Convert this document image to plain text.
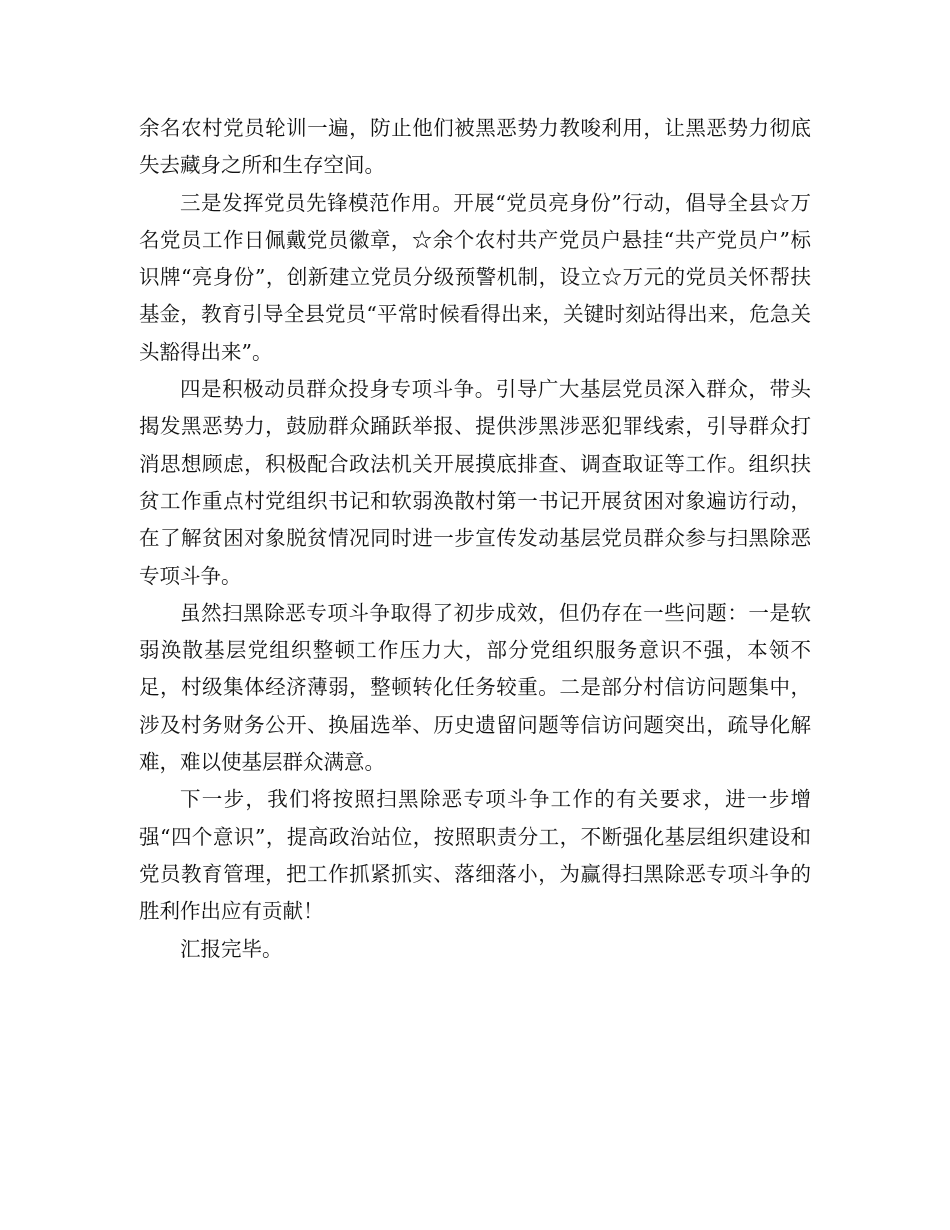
余名农村党员轮训一遍，防止他们被黑恶势力教唆利用，让黑恶势力彻底失去藏身之所和生存空间。

三是发挥党员先锋模范作用。开展“党员亮身份”行动，倡导全县☆万名党员工作日佩戴党员徽章，☆余个农村共产党员户悬挂“共产党员户”标识牌“亮身份”，创新建立党员分级预警机制，设立☆万元的党员关怀帮扶基金，教育引导全县党员“平常时候看得出来，关键时刻站得出来，危急关头豁得出来”。

四是积极动员群众投身专项斗争。引导广大基层党员深入群众，带头揭发黑恶势力，鼓励群众踊跃举报、提供涉黑涉恶犯罪线索，引导群众打消思想顾虑，积极配合政法机关开展摸底排查、调查取证等工作。组织扶贫工作重点村党组织书记和软弱涣散村第一书记开展贫困对象遍访行动，在了解贫困对象脱贫情况同时进一步宣传发动基层党员群众参与扫黑除恶专项斗争。

虽然扫黑除恶专项斗争取得了初步成效，但仍存在一些问题：一是软弱涣散基层党组织整顿工作压力大，部分党组织服务意识不强，本领不足，村级集体经济薄弱，整顿转化任务较重。二是部分村信访问题集中，涉及村务财务公开、换届选举、历史遗留问题等信访问题突出，疏导化解难，难以使基层群众满意。

下一步，我们将按照扫黑除恶专项斗争工作的有关要求，进一步增强“四个意识”，提高政治站位，按照职责分工，不断强化基层组织建设和党员教育管理，把工作抓紧抓实、落细落小，为赢得扫黑除恶专项斗争的胜利作出应有贡献！

汇报完毕。
